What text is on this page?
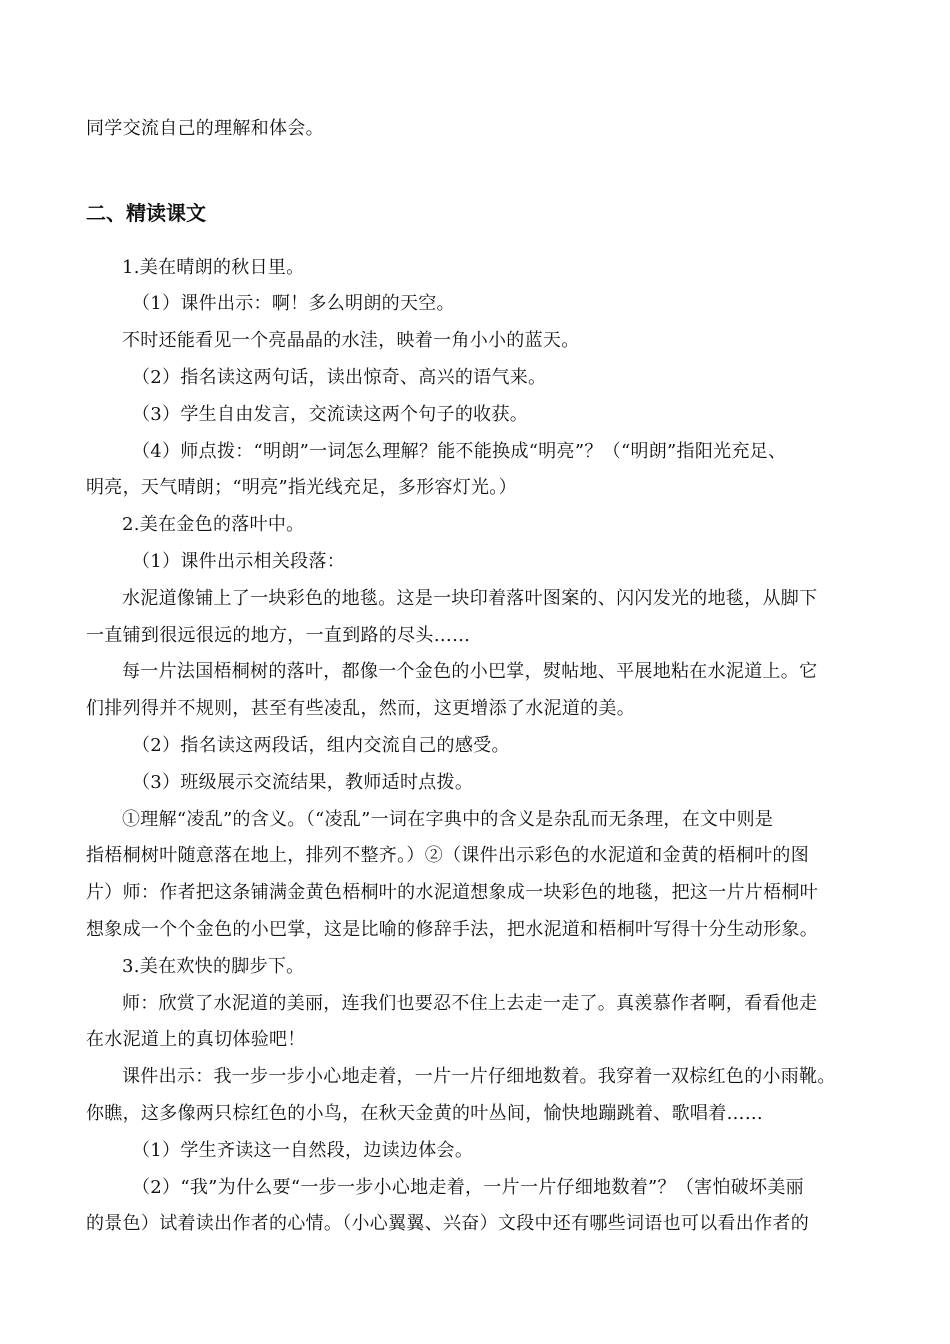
同学交流自己的理解和体会。
二、精读课文
1.美在晴朗的秋日里。
（1）课件出示：啊！多么明朗的天空。
不时还能看见一个亮晶晶的水洼，映着一角小小的蓝天。
（2）指名读这两句话，读出惊奇、高兴的语气来。
（3）学生自由发言，交流读这两个句子的收获。
（4）师点拨：“明朗”一词怎么理解？能不能换成“明亮”？（“明朗”指阳光充足、
明亮，天气晴朗；“明亮”指光线充足，多形容灯光。）
2.美在金色的落叶中。
（1）课件出示相关段落：
水泥道像铺上了一块彩色的地毯。这是一块印着落叶图案的、闪闪发光的地毯，从脚下
一直铺到很远很远的地方，一直到路的尽头……
每一片法国梧桐树的落叶，都像一个金色的小巴掌，熨帖地、平展地粘在水泥道上。它
们排列得并不规则，甚至有些凌乱，然而，这更增添了水泥道的美。
（2）指名读这两段话，组内交流自己的感受。
（3）班级展示交流结果，教师适时点拨。
①理解“凌乱”的含义。（“凌乱”一词在字典中的含义是杂乱而无条理，在文中则是
指梧桐树叶随意落在地上，排列不整齐。）②（课件出示彩色的水泥道和金黄的梧桐叶的图
片）师：作者把这条铺满金黄色梧桐叶的水泥道想象成一块彩色的地毯，把这一片片梧桐叶
想象成一个个金色的小巴掌，这是比喻的修辞手法，把水泥道和梧桐叶写得十分生动形象。
3.美在欢快的脚步下。
师：欣赏了水泥道的美丽，连我们也要忍不住上去走一走了。真羡慕作者啊，看看他走
在水泥道上的真切体验吧！
课件出示：我一步一步小心地走着，一片一片仔细地数着。我穿着一双棕红色的小雨靴。
你瞧，这多像两只棕红色的小鸟，在秋天金黄的叶丛间，愉快地蹦跳着、歌唱着……
（1）学生齐读这一自然段，边读边体会。
（2）“我”为什么要“一步一步小心地走着，一片一片仔细地数着”？（害怕破坏美丽
的景色）试着读出作者的心情。（小心翼翼、兴奋）文段中还有哪些词语也可以看出作者的
